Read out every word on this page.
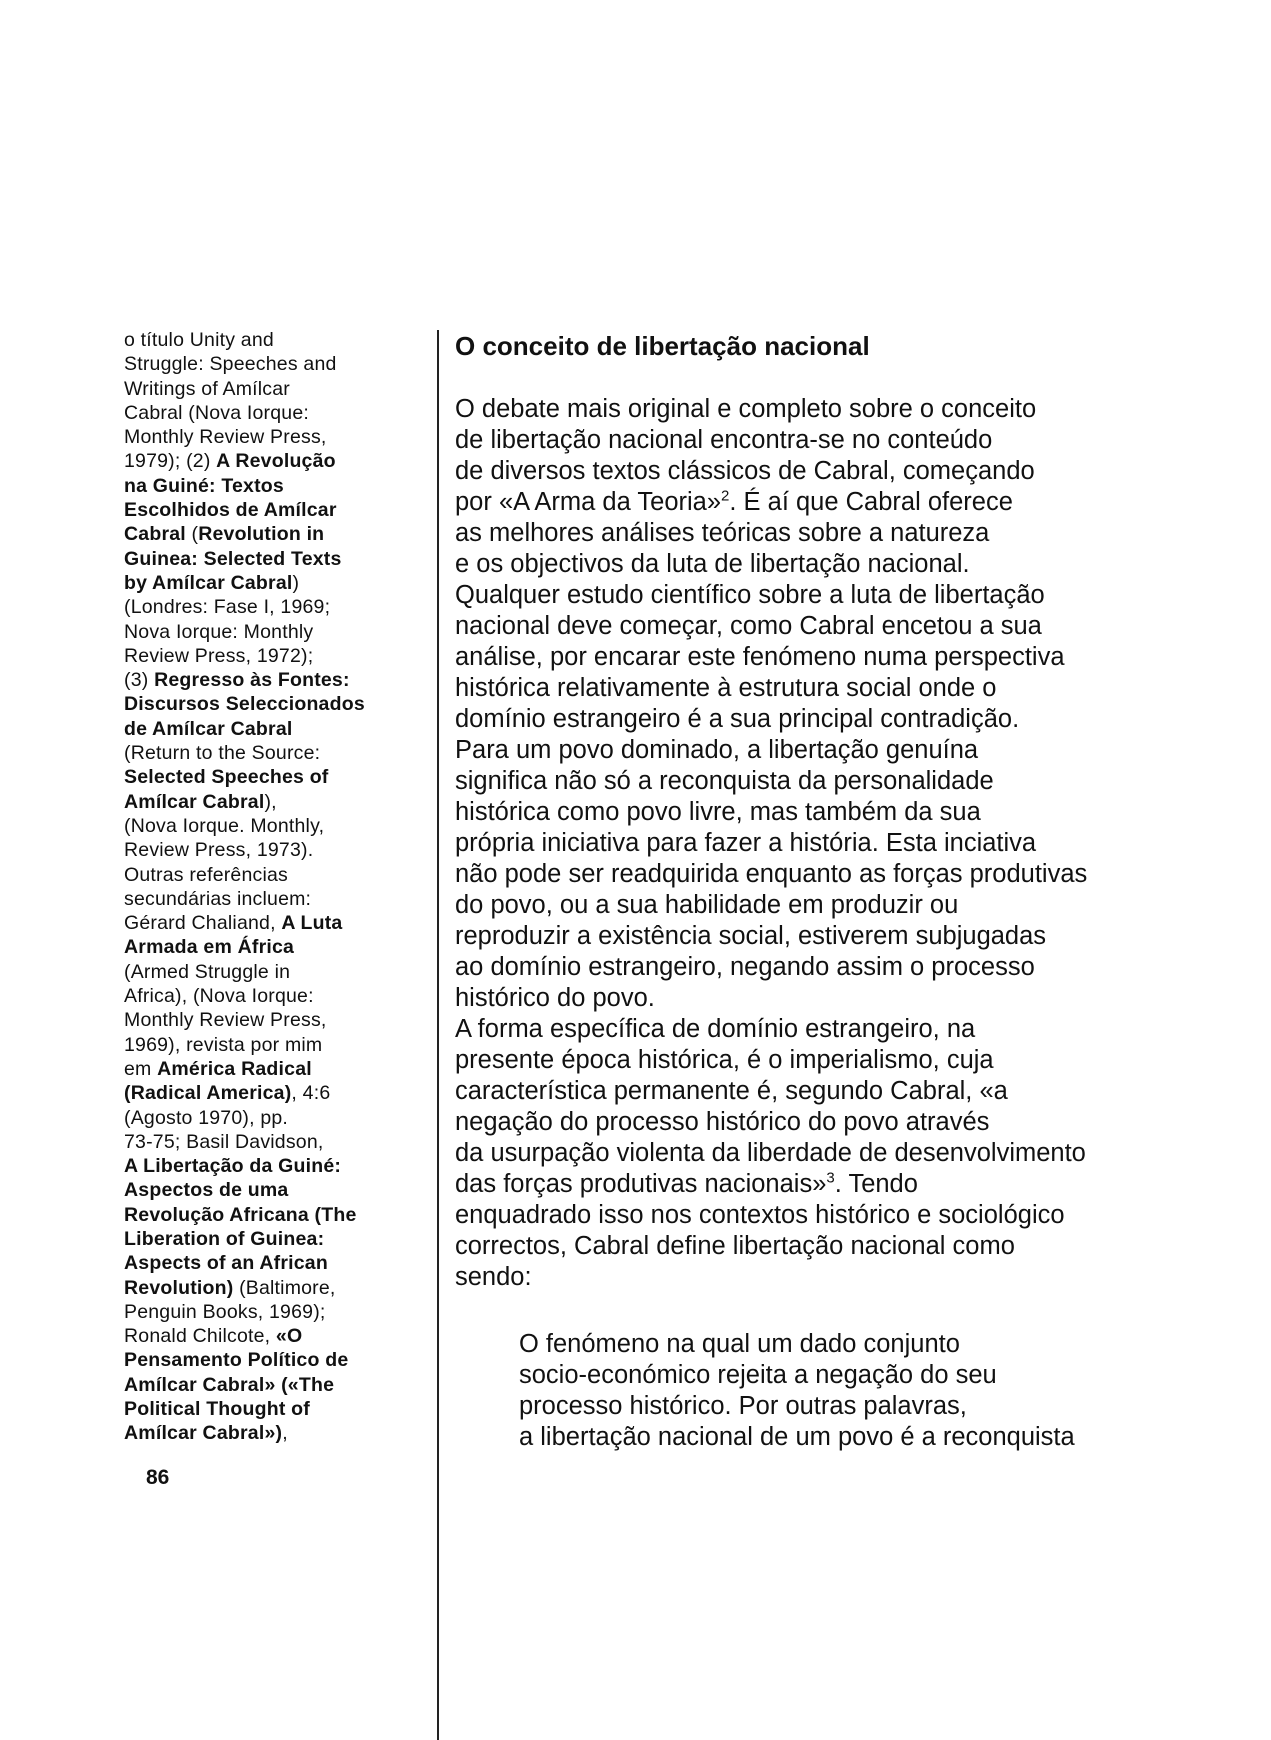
o título Unity and
Struggle: Speeches and
Writings of Amílcar
Cabral (Nova Iorque:
Monthly Review Press,
1979); (2) A Revolução
na Guiné: Textos
Escolhidos de Amílcar
Cabral (Revolution in
Guinea: Selected Texts
by Amílcar Cabral)
(Londres: Fase I, 1969;
Nova Iorque: Monthly
Review Press, 1972);
(3) Regresso às Fontes:
Discursos Seleccionados
de Amílcar Cabral
(Return to the Source:
Selected Speeches of
Amílcar Cabral),
(Nova Iorque. Monthly,
Review Press, 1973).
Outras referências
secundárias incluem:
Gérard Chaliand, A Luta
Armada em África
(Armed Struggle in
Africa), (Nova Iorque:
Monthly Review Press,
1969), revista por mim
em América Radical
(Radical America), 4:6
(Agosto 1970), pp.
73-75; Basil Davidson,
A Libertação da Guiné:
Aspectos de uma
Revolução Africana (The
Liberation of Guinea:
Aspects of an African
Revolution) (Baltimore,
Penguin Books, 1969);
Ronald Chilcote, «O
Pensamento Político de
Amílcar Cabral» («The
Political Thought of
Amílcar Cabral»),
O conceito de libertação nacional
O debate mais original e completo sobre o conceito
de libertação nacional encontra-se no conteúdo
de diversos textos clássicos de Cabral, começando
por «A Arma da Teoria»$^2$. É aí que Cabral oferece
as melhores análises teóricas sobre a natureza
e os objectivos da luta de libertação nacional.
Qualquer estudo científico sobre a luta de libertação
nacional deve começar, como Cabral encetou a sua
análise, por encarar este fenómeno numa perspectiva
histórica relativamente à estrutura social onde o
domínio estrangeiro é a sua principal contradição.
Para um povo dominado, a libertação genuína
significa não só a reconquista da personalidade
histórica como povo livre, mas também da sua
própria iniciativa para fazer a história. Esta inciativa
não pode ser readquirida enquanto as forças produtivas
do povo, ou a sua habilidade em produzir ou
reproduzir a existência social, estiverem subjugadas
ao domínio estrangeiro, negando assim o processo
histórico do povo.
A forma específica de domínio estrangeiro, na
presente época histórica, é o imperialismo, cuja
característica permanente é, segundo Cabral, «a
negação do processo histórico do povo através
da usurpação violenta da liberdade de desenvolvimento
das forças produtivas nacionais»$^3$. Tendo
enquadrado isso nos contextos histórico e sociológico
correctos, Cabral define libertação nacional como
sendo:
O fenómeno na qual um dado conjunto
socio-económico rejeita a negação do seu
processo histórico. Por outras palavras,
a libertação nacional de um povo é a reconquista
86
